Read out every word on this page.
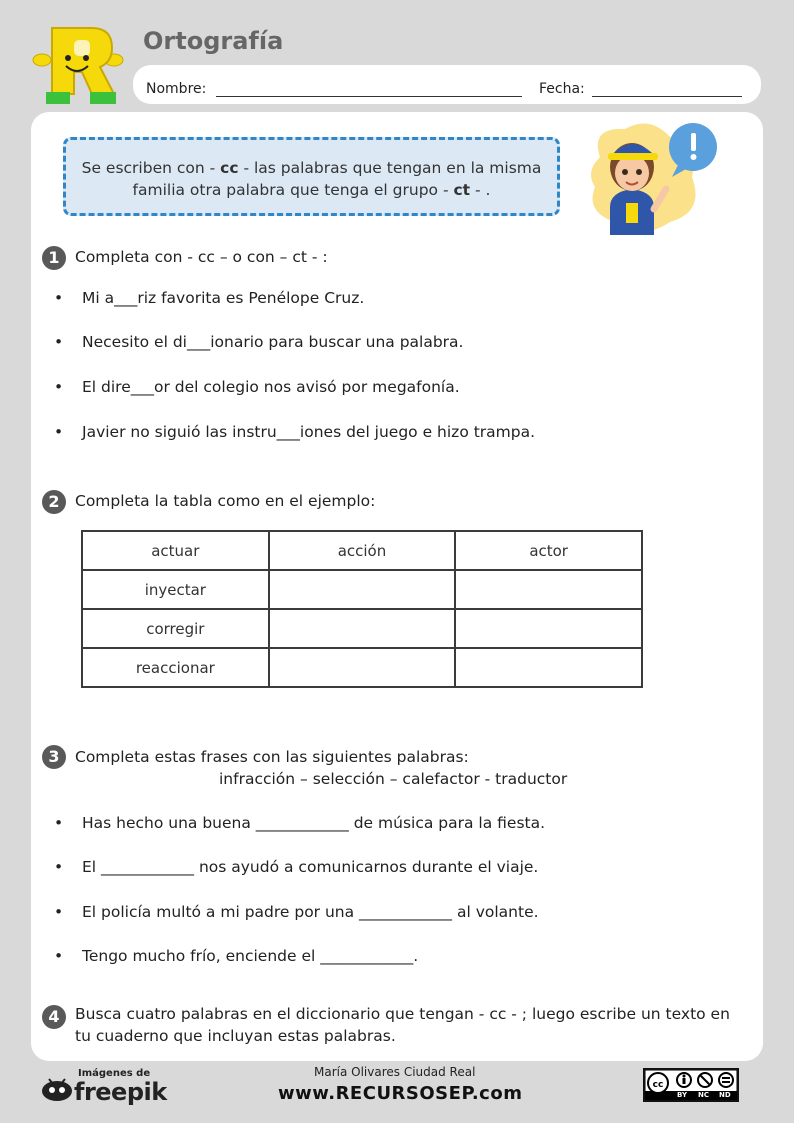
Ortografía
Nombre:	Fecha:
Se escriben con - cc - las palabras que tengan en la misma
familia otra palabra que tenga el grupo - ct - .
1 Completa con - cc – o con – ct - :
• Mi a___riz favorita es Penélope Cruz.
• Necesito el di___ionario para buscar una palabra.
• El dire___or del colegio nos avisó por megafonía.
• Javier no siguió las instru___iones del juego e hizo trampa.
2 Completa la tabla como en el ejemplo:
actuar	acción	actor
inyectar		
corregir		
reaccionar		
3 Completa estas frases con las siguientes palabras:
infracción – selección – calefactor - traductor
• Has hecho una buena ____________ de música para la fiesta.
• El ____________ nos ayudó a comunicarnos durante el viaje.
• El policía multó a mi padre por una ____________ al volante.
• Tengo mucho frío, enciende el ____________.
4 Busca cuatro palabras en el diccionario que tengan - cc - ; luego escribe un texto en
tu cuaderno que incluyan estas palabras.
Imágenes de
freepik
María Olivares Ciudad Real
www.RECURSOSEP.com	cc
BY NC ND
